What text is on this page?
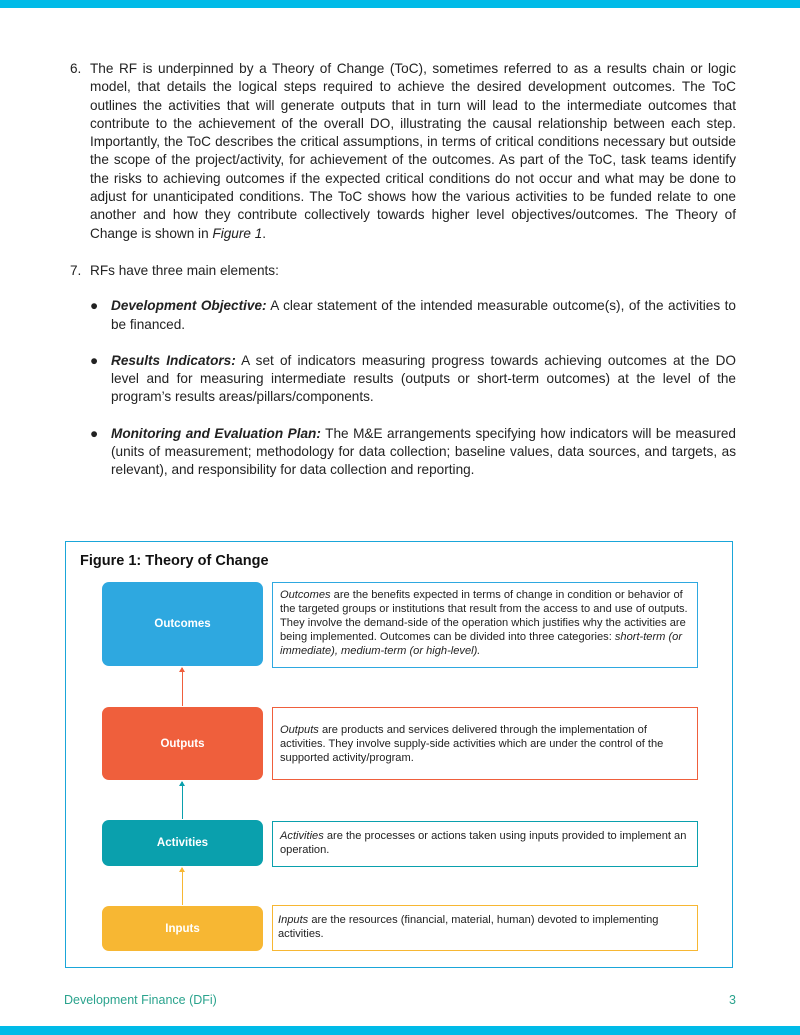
6. The RF is underpinned by a Theory of Change (ToC), sometimes referred to as a results chain or logic model, that details the logical steps required to achieve the desired development outcomes. The ToC outlines the activities that will generate outputs that in turn will lead to the intermediate outcomes that contribute to the achievement of the overall DO, illustrating the causal relationship between each step. Importantly, the ToC describes the critical assumptions, in terms of critical conditions necessary but outside the scope of the project/activity, for achievement of the outcomes. As part of the ToC, task teams identify the risks to achieving outcomes if the expected critical conditions do not occur and what may be done to adjust for unanticipated conditions. The ToC shows how the various activities to be funded relate to one another and how they contribute collectively towards higher level objectives/outcomes. The Theory of Change is shown in Figure 1.
7. RFs have three main elements:
● Development Objective: A clear statement of the intended measurable outcome(s), of the activities to be financed.
● Results Indicators: A set of indicators measuring progress towards achieving outcomes at the DO level and for measuring intermediate results (outputs or short-term outcomes) at the level of the program’s results areas/pillars/components.
● Monitoring and Evaluation Plan: The M&E arrangements specifying how indicators will be measured (units of measurement; methodology for data collection; baseline values, data sources, and targets, as relevant), and responsibility for data collection and reporting.
Figure 1: Theory of Change
Outcomes
Outcomes are the benefits expected in terms of change in condition or behavior of the targeted groups or institutions that result from the access to and use of outputs. They involve the demand-side of the operation which justifies why the activities are being implemented. Outcomes can be divided into three categories: short-term (or immediate), medium-term (or high-level).
Outputs
Outputs are products and services delivered through the implementation of activities. They involve supply-side activities which are under the control of the supported activity/program.
Activities
Activities are the processes or actions taken using inputs provided to implement an operation.
Inputs
Inputs are the resources (financial, material, human) devoted to implementing activities.
Development Finance (DFi)	3
